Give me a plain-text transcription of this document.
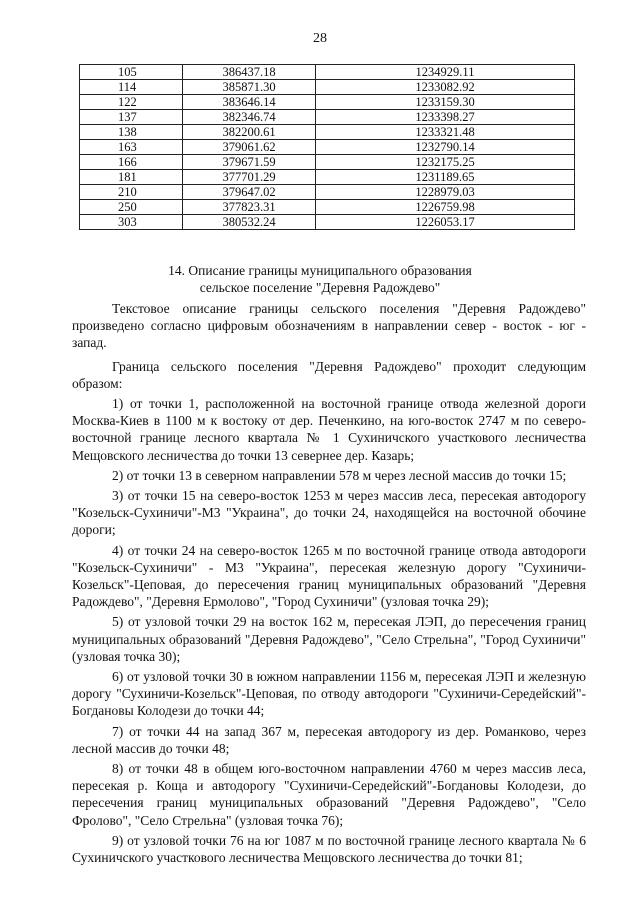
28
105	386437.18	1234929.11
114	385871.30	1233082.92
122	383646.14	1233159.30
137	382346.74	1233398.27
138	382200.61	1233321.48
163	379061.62	1232790.14
166	379671.59	1232175.25
181	377701.29	1231189.65
210	379647.02	1228979.03
250	377823.31	1226759.98
303	380532.24	1226053.17
14. Описание границы муниципального образования
сельское поселение "Деревня Радождево"

Текстовое описание границы сельского поселения "Деревня Радождево" произведено согласно цифровым обозначениям в направлении север - восток - юг - запад.

Граница сельского поселения "Деревня Радождево" проходит следующим образом:

1) от точки 1, расположенной на восточной границе отвода железной дороги Москва-Киев в 1100 м к востоку от дер. Печенкино, на юго-восток 2747 м по северо-восточной границе лесного квартала № 1 Сухиничского участкового лесничества Мещовского лесничества до точки 13 севернее дер. Казарь;

2) от точки 13 в северном направлении 578 м через лесной массив до точки 15;

3) от точки 15 на северо-восток 1253 м через массив леса, пересекая автодорогу "Козельск-Сухиничи"-М3 "Украина", до точки 24, находящейся на восточной обочине дороги;

4) от точки 24 на северо-восток 1265 м по восточной границе отвода автодороги "Козельск-Сухиничи" - М3 "Украина", пересекая железную дорогу "Сухиничи-Козельск"-Цеповая, до пересечения границ муниципальных образований "Деревня Радождево", "Деревня Ермолово", "Город Сухиничи" (узловая точка 29);

5) от узловой точки 29 на восток 162 м, пересекая ЛЭП, до пересечения границ муниципальных образований "Деревня Радождево", "Село Стрельна", "Город Сухиничи" (узловая точка 30);

6) от узловой точки 30 в южном направлении 1156 м, пересекая ЛЭП и железную дорогу "Сухиничи-Козельск"-Цеповая, по отводу автодороги "Сухиничи-Середейский"-Богдановы Колодези до точки 44;

7) от точки 44 на запад 367 м, пересекая автодорогу из дер. Романково, через лесной массив до точки 48;

8) от точки 48 в общем юго-восточном направлении 4760 м через массив леса, пересекая р. Коща и автодорогу "Сухиничи-Середейский"-Богдановы Колодези, до пересечения границ муниципальных образований "Деревня Радождево", "Село Фролово", "Село Стрельна" (узловая точка 76);

9) от узловой точки 76 на юг 1087 м по восточной границе лесного квартала № 6 Сухиничского участкового лесничества Мещовского лесничества до точки 81;
